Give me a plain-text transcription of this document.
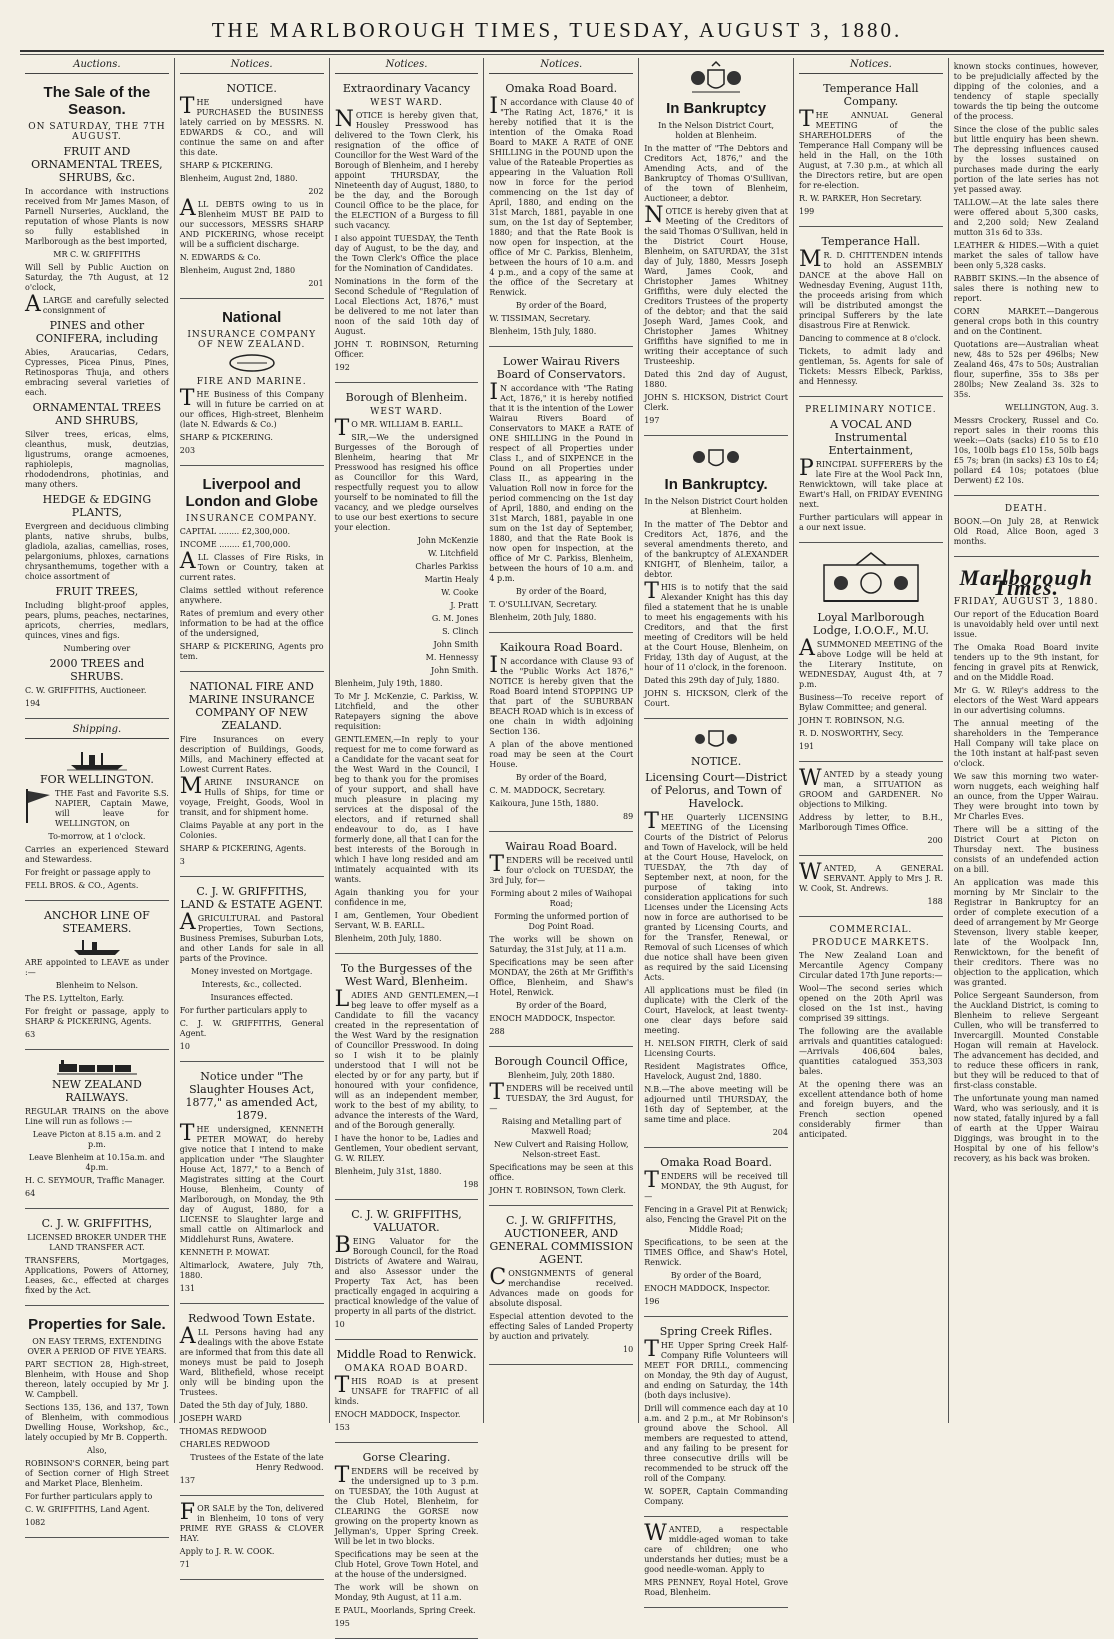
THE MARLBOROUGH TIMES, TUESDAY, AUGUST 3, 1880.
Auctions.
The Sale of the Season.
ON SATURDAY, THE 7TH AUGUST.
FRUIT AND ORNAMENTAL TREES, SHRUBS, &c.

In accordance with instructions received from Mr James Mason, of Parnell Nurseries, Auckland, the reputation of whose Plants is now so fully established in Marlborough as the best imported,

MR C. W. GRIFFITHS

Will Sell by Public Auction on Saturday, the 7th August, at 12 o'clock,

ALARGE and carefully selected consignment of

PINES and other CONIFERA, including

Abies, Araucarias, Cedars, Cypresses, Picea Pinus, Pines, Retinosporas Thuja, and others embracing several varieties of each.

ORNAMENTAL TREES AND SHRUBS,

Silver trees, ericas, elms, cleanthus, musk, deutzias, ligustrums, orange acmoenes, raphiolepis, magnolias, rhododendrons, photinias, and many others.

HEDGE & EDGING PLANTS,

Evergreen and deciduous climbing plants, native shrubs, bulbs, gladiola, azalias, camellias, roses, pelargoniums, phloxes, carnations chrysanthemums, together with a choice assortment of

FRUIT TREES,

Including blight-proof apples, pears, plums, peaches, nectarines, apricots, cherries, medlars, quinces, vines and figs.

Numbering over

2000 TREES and SHRUBS.

C. W. GRIFFITHS, Auctioneer.

194

Shipping.
FOR WELLINGTON.

THE Fast and Favorite S.S. NAPIER, Captain Mawe, will leave for WELLINGTON, on

To-morrow, at 1 o'clock.

Carries an experienced Steward and Stewardess.

For freight or passage apply to

FELL BROS. & CO., Agents.

ANCHOR LINE OF STEAMERS.

ARE appointed to LEAVE as under :—

Blenheim to Nelson.

The P.S. Lyttelton, Early.

For freight or passage, apply to SHARP & PICKERING, Agents.

63

NEW ZEALAND RAILWAYS.

REGULAR TRAINS on the above Line will run as follows :—

Leave Picton at 8.15 a.m. and 2 p.m.

Leave Blenheim at 10.15a.m. and 4p.m.

H. C. SEYMOUR, Traffic Manager.

64

C. J. W. GRIFFITHS,

LICENSED BROKER UNDER THE LAND TRANSFER ACT.

TRANSFERS, Mortgages, Applications, Powers of Attorney, Leases, &c., effected at charges fixed by the Act.

Properties for Sale.

ON EASY TERMS, EXTENDING OVER A PERIOD OF FIVE YEARS.

PART SECTION 28, High-street, Blenheim, with House and Shop thereon, lately occupied by Mr J. W. Campbell.

Sections 135, 136, and 137, Town of Blenheim, with commodious Dwelling House, Workshop, &c., lately occupied by Mr B. Copperth.

Also,

ROBINSON'S CORNER, being part of Section corner of High Street and Market Place, Blenheim.

For further particulars apply to

C. W. GRIFFITHS, Land Agent.

1082

Notices.
NOTICE.

THE undersigned have PURCHASED the BUSINESS lately carried on by MESSRS. N. EDWARDS & CO., and will continue the same on and after this date.

SHARP & PICKERING.

Blenheim, August 2nd, 1880.

202

ALL DEBTS owing to us in Blenheim MUST BE PAID to our successors, MESSRS SHARP AND PICKERING, whose receipt will be a sufficient discharge.

N. EDWARDS & Co.

Blenheim, August 2nd, 1880

201

National
INSURANCE COMPANY OF NEW ZEALAND.
FIRE AND MARINE.

THE Business of this Company will in future be carried on at our offices, High-street, Blenheim (late N. Edwards & Co.)

SHARP & PICKERING.

203

Liverpool and London and Globe
INSURANCE COMPANY.

CAPITAL ........ £2,300,000.

INCOME ........ £1,700,000.

ALL Classes of Fire Risks, in Town or Country, taken at current rates.

Claims settled without reference anywhere.

Rates of premium and every other information to be had at the office of the undersigned,

SHARP & PICKERING, Agents pro tem.

NATIONAL FIRE AND MARINE INSURANCE COMPANY OF NEW ZEALAND.

Fire Insurances on every description of Buildings, Goods, Mills, and Machinery effected at Lowest Current Rates.

MARINE INSURANCE on Hulls of Ships, for time or voyage, Freight, Goods, Wool in transit, and for shipment home.

Claims Payable at any port in the Colonies.

SHARP & PICKERING, Agents.

3

C. J. W. GRIFFITHS, LAND & ESTATE AGENT.

AGRICULTURAL and Pastoral Properties, Town Sections, Business Premises, Suburban Lots, and other Lands for sale in all parts of the Province.

Money invested on Mortgage.

Interests, &c., collected.

Insurances effected.

For further particulars apply to

C. J. W. GRIFFITHS, General Agent.

10

Notice under "The Slaughter Houses Act, 1877," as amended Act, 1879.

THE undersigned, KENNETH PETER MOWAT, do hereby give notice that I intend to make application under "The Slaughter House Act, 1877," to a Bench of Magistrates sitting at the Court House, Blenheim, County of Marlborough, on Monday, the 9th day of August, 1880, for a LICENSE to Slaughter large and small cattle on Altimarlock and Middlehurst Runs, Awatere.

KENNETH P. MOWAT.

Altimarlock, Awatere, July 7th, 1880.

131

Redwood Town Estate.

ALL Persons having had any dealings with the above Estate are informed that from this date all moneys must be paid to Joseph Ward, Blithefield, whose receipt only will be binding upon the Trustees.

Dated the 5th day of July, 1880.

JOSEPH WARD

THOMAS REDWOOD

CHARLES REDWOOD

Trustees of the Estate of the late Henry Redwood.

137

FOR SALE by the Ton, delivered in Blenheim, 10 tons of very PRIME RYE GRASS & CLOVER HAY.

Apply to J. R. W. COOK.

71

Notices.
Extraordinary Vacancy
WEST WARD.

NOTICE is hereby given that, Housley Presswood has delivered to the Town Clerk, his resignation of the office of Councillor for the West Ward of the Borough of Blenheim, and I hereby appoint THURSDAY, the Nineteenth day of August, 1880, to be the day, and the Borough Council Office to be the place, for the ELECTION of a Burgess to fill such vacancy.

I also appoint TUESDAY, the Tenth day of August, to be the day, and the Town Clerk's Office the place for the Nomination of Candidates.

Nominations in the form of the Second Schedule of "Regulation of Local Elections Act, 1876," must be delivered to me not later than noon of the said 10th day of August.

JOHN T. ROBINSON, Returning Officer.

192

Borough of Blenheim.
WEST WARD.

TO MR. WILLIAM B. EARLL.

SIR,—We the undersigned Burgesses of the Borough of Blenheim, hearing that Mr Presswood has resigned his office as Councillor for this Ward, respectfully request you to allow yourself to be nominated to fill the vacancy, and we pledge ourselves to use our best exertions to secure your election.

John McKenzie

W. Litchfield

Charles Parkiss

Martin Healy

W. Cooke

J. Pratt

G. M. Jones

S. Clinch

John Smith

M. Hennessy

John Smith.

Blenheim, July 19th, 1880.

To Mr J. McKenzie, C. Parkiss, W. Litchfield, and the other Ratepayers signing the above requisition:

GENTLEMEN,—In reply to your request for me to come forward as a Candidate for the vacant seat for the West Ward in the Council, I beg to thank you for the promises of your support, and shall have much pleasure in placing my services at the disposal of the electors, and if returned shall endeavour to do, as I have formerly done, all that I can for the best interests of the Borough in which I have long resided and am intimately acquainted with its wants.

Again thanking you for your confidence in me,

I am, Gentlemen, Your Obedient Servant, W. B. EARLL.

Blenheim, 20th July, 1880.

To the Burgesses of the West Ward, Blenheim.

LADIES AND GENTLEMEN,—I beg leave to offer myself as a Candidate to fill the vacancy created in the representation of the West Ward by the resignation of Councillor Presswood. In doing so I wish it to be plainly understood that I will not be elected by or for any party, but if honoured with your confidence, will as an independent member, work to the best of my ability, to advance the interests of the Ward, and of the Borough generally.

I have the honor to be, Ladies and Gentlemen, Your obedient servant, G. W. RILEY.

Blenheim, July 31st, 1880.

198

C. J. W. GRIFFITHS, VALUATOR.

BEING Valuator for the Borough Council, for the Road Districts of Awatere and Wairau, and also Assessor under the Property Tax Act, has been practically engaged in acquiring a practical knowledge of the value of property in all parts of the district.

10

Middle Road to Renwick.
OMAKA ROAD BOARD.

THIS ROAD is at present UNSAFE for TRAFFIC of all kinds.

ENOCH MADDOCK, Inspector.

153

Gorse Clearing.

TENDERS will be received by the undersigned up to 3 p.m. on TUESDAY, the 10th August at the Club Hotel, Blenheim, for CLEARING the GORSE now growing on the property known as Jellyman's, Upper Spring Creek. Will be let in two blocks.

Specifications may be seen at the Club Hotel, Grove Town Hotel, and at the house of the undersigned.

The work will be shown on Monday, 9th August, at 11 a.m.

E PAUL, Moorlands, Spring Creek.

195

Notices.
Omaka Road Board.

IN accordance with Clause 40 of "The Rating Act, 1876," it is hereby notified that it is the intention of the Omaka Road Board to MAKE A RATE of ONE SHILLING in the POUND upon the value of the Rateable Properties as appearing in the Valuation Roll now in force for the period commencing on the 1st day of April, 1880, and ending on the 31st March, 1881, payable in one sum, on the 1st day of September, 1880; and that the Rate Book is now open for inspection, at the office of Mr C. Parkiss, Blenheim, between the hours of 10 a.m. and 4 p.m., and a copy of the same at the office of the Secretary at Renwick.

By order of the Board,

W. TISSIMAN, Secretary.

Blenheim, 15th July, 1880.

Lower Wairau Rivers Board of Conservators.

IN accordance with "The Rating Act, 1876," it is hereby notified that it is the intention of the Lower Wairau Rivers Board of Conservators to MAKE a RATE of ONE SHILLING in the Pound in respect of all Properties under Class I., and of SIXPENCE in the Pound on all Properties under Class II., as appearing in the Valuation Roll now in force for the period commencing on the 1st day of April, 1880, and ending on the 31st March, 1881, payable in one sum on the 1st day of September, 1880, and that the Rate Book is now open for inspection, at the office of Mr C. Parkiss, Blenheim, between the hours of 10 a.m. and 4 p.m.

By order of the Board,

T. O'SULLIVAN, Secretary.

Blenheim, 20th July, 1880.

Kaikoura Road Board.

IN accordance with Clause 93 of the "Public Works Act 1876," NOTICE is hereby given that the Road Board intend STOPPING UP that part of the SUBURBAN BEACH ROAD which is in excess of one chain in width adjoining Section 136.

A plan of the above mentioned road may be seen at the Court House.

By order of the Board,

C. M. MADDOCK, Secretary.

Kaikoura, June 15th, 1880.

89

Wairau Road Board.

TENDERS will be received until four o'clock on TUESDAY, the 3rd July, for—

Forming about 2 miles of Waihopai Road;

Forming the unformed portion of Dog Point Road.

The works will be shown on Saturday, the 31st July, at 11 a.m.

Specifications may be seen after MONDAY, the 26th at Mr Griffith's Office, Blenheim, and Shaw's Hotel, Renwick.

By order of the Board,

ENOCH MADDOCK, Inspector.

288

Borough Council Office,

Blenheim, July, 20th 1880.

TENDERS will be received until TUESDAY, the 3rd August, for—

Raising and Metalling part of Maxwell Road;

New Culvert and Raising Hollow, Nelson-street East.

Specifications may be seen at this office.

JOHN T. ROBINSON, Town Clerk.

C. J. W. GRIFFITHS, AUCTIONEER, AND GENERAL COMMISSION AGENT.

CONSIGNMENTS of general merchandise received. Advances made on goods for absolute disposal.

Especial attention devoted to the effecting Sales of Landed Property by auction and privately.

10

In Bankruptcy

In the Nelson District Court, holden at Blenheim.

In the matter of "The Debtors and Creditors Act, 1876," and the Amending Acts, and of the Bankruptcy of Thomas O'Sullivan, of the town of Blenheim, Auctioneer, a debtor.

NOTICE is hereby given that at Meeting of the Creditors of the said Thomas O'Sullivan, held in the District Court House, Blenheim, on SATURDAY, the 31st day of July, 1880, Messrs Joseph Ward, James Cook, and Christopher James Whitney Griffiths, were duly elected the Creditors Trustees of the property of the debtor; and that the said Joseph Ward, James Cook, and Christopher James Whitney Griffiths have signified to me in writing their acceptance of such Trusteeship.

Dated this 2nd day of August, 1880.

JOHN S. HICKSON, District Court Clerk.

197

In Bankruptcy.

In the Nelson District Court holden at Blenheim.

In the matter of The Debtor and Creditors Act, 1876, and the several amendments thereto, and of the bankruptcy of ALEXANDER KNIGHT, of Blenheim, tailor, a debtor.

THIS is to notify that the said Alexander Knight has this day filed a statement that he is unable to meet his engagements with his Creditors, and that the first meeting of Creditors will be held at the Court House, Blenheim, on Friday, 13th day of August, at the hour of 11 o'clock, in the forenoon.

Dated this 29th day of July, 1880.

JOHN S. HICKSON, Clerk of the Court.

NOTICE.
Licensing Court—District of Pelorus, and Town of Havelock.

THE Quarterly LICENSING MEETING of the Licensing Courts of the District of Pelorus and Town of Havelock, will be held at the Court House, Havelock, on TUESDAY, the 7th day of September next, at noon, for the purpose of taking into consideration applications for such Licenses under the Licensing Acts now in force are authorised to be granted by Licensing Courts, and for the Transfer, Renewal, or Removal of such Licenses of which due notice shall have been given as required by the said Licensing Acts.

All applications must be filed (in duplicate) with the Clerk of the Court, Havelock, at least twenty-one clear days before said meeting.

H. NELSON FIRTH, Clerk of said Licensing Courts.

Resident Magistrates Office, Havelock, August 2nd, 1880.

N.B.—The above meeting will be adjourned until THURSDAY, the 16th day of September, at the same time and place.

204

Omaka Road Board.

TENDERS will be received till MONDAY, the 9th August, for—

Fencing in a Gravel Pit at Renwick; also, Fencing the Gravel Pit on the Middle Road;

Specifications, to be seen at the TIMES Office, and Shaw's Hotel, Renwick.

By order of the Board,

ENOCH MADDOCK, Inspector.

196

Spring Creek Rifles.

THE Upper Spring Creek Half-Company Rifle Volunteers will MEET FOR DRILL, commencing on Monday, the 9th day of August, and ending on Saturday, the 14th (both days inclusive).

Drill will commence each day at 10 a.m. and 2 p.m., at Mr Robinson's ground above the School. All members are requested to attend, and any failing to be present for three consecutive drills will be recommended to be struck off the roll of the Company.

W. SOPER, Captain Commanding Company.

WANTED, a respectable middle-aged woman to take care of children; one who understands her duties; must be a good needle-woman. Apply to

MRS PENNEY, Royal Hotel, Grove Road, Blenheim.

Notices.
Temperance Hall Company.

THE ANNUAL General MEETING of the SHAREHOLDERS of the Temperance Hall Company will be held in the Hall, on the 10th August, at 7.30 p.m., at which all the Directors retire, but are open for re-election.

R. W. PARKER, Hon Secretary.

199

Temperance Hall.

MR. D. CHITTENDEN intends to hold an ASSEMBLY DANCE at the above Hall on Wednesday Evening, August 11th, the proceeds arising from which will be distributed amongst the principal Sufferers by the late disastrous Fire at Renwick.

Dancing to commence at 8 o'clock.

Tickets, to admit lady and gentleman, 5s. Agents for sale of Tickets: Messrs Elbeck, Parkiss, and Hennessy.

PRELIMINARY NOTICE.
A VOCAL AND Instrumental Entertainment,

PRINCIPAL SUFFERERS by the late Fire at the Wool Pack Inn, Renwicktown, will take place at Ewart's Hall, on FRIDAY EVENING next.

Further particulars will appear in a our next issue.

Loyal Marlborough Lodge, I.O.O.F., M.U.

ASUMMONED MEETING of the above Lodge will be held at the Literary Institute, on WEDNESDAY, August 4th, at 7 p.m.

Business—To receive report of Bylaw Committee; and general.

JOHN T. ROBINSON, N.G.

R. D. NOSWORTHY, Secy.

191

WANTED by a steady young man, a SITUATION as GROOM and GARDENER. No objections to Milking.

Address by letter, to B.H., Marlborough Times Office.

200

WANTED, A GENERAL SERVANT. Apply to Mrs J. R. W. Cook, St. Andrews.

188

COMMERCIAL.
PRODUCE MARKETS.

The New Zealand Loan and Mercantile Agency Company Circular dated 17th June reports:—

Wool—The second series which opened on the 20th April was closed on the 1st inst., having comprised 39 sittings.

The following are the available arrivals and quantities catalogued:—Arrivals 406,604 bales, quantities catalogued 353,303 bales.

At the opening there was an excellent attendance both of home and foreign buyers, and the French section opened considerably firmer than anticipated.

known stocks continues, however, to be prejudicially affected by the dipping of the colonies, and a tendency of staple specially towards the tip being the outcome of the process.

Since the close of the public sales but little enquiry has been shewn. The depressing influences caused by the losses sustained on purchases made during the early portion of the late series has not yet passed away.

TALLOW.—At the late sales there were offered about 5,300 casks, and 2,200 sold; New Zealand mutton 31s 6d to 33s.

LEATHER & HIDES.—With a quiet market the sales of tallow have been only 5,328 casks.

RABBIT SKINS.—In the absence of sales there is nothing new to report.

CORN MARKET.—Dangerous general crops both in this country and on the Continent.

Quotations are—Australian wheat new, 48s to 52s per 496lbs; New Zealand 46s, 47s to 50s; Australian flour, superfine, 35s to 38s per 280lbs; New Zealand 3s. 32s to 35s.

WELLINGTON, Aug. 3.

Messrs Crockery, Russel and Co. report sales in their rooms this week:—Oats (sacks) £10 5s to £10 10s, 100lb bags £10 15s, 50lb bags £5 7s; bran (in sacks) £3 10s to £4; pollard £4 10s; potatoes (blue Derwent) £2 10s.

DEATH.

BOON.—On July 28, at Renwick Old Road, Alice Boon, aged 3 months.

Marlborough Times.
FRIDAY, AUGUST 3, 1880.

Our report of the Education Board is unavoidably held over until next issue.

The Omaka Road Board invite tenders up to the 9th instant, for fencing in gravel pits at Renwick, and on the Middle Road.

Mr G. W. Riley's address to the electors of the West Ward appears in our advertising columns.

The annual meeting of the shareholders in the Temperance Hall Company will take place on the 10th instant at half-past seven o'clock.

We saw this morning two water-worn nuggets, each weighing half an ounce, from the Upper Wairau. They were brought into town by Mr Charles Eves.

There will be a sitting of the District Court at Picton on Thursday next. The business consists of an undefended action on a bill.

An application was made this morning by Mr Sinclair to the Registrar in Bankruptcy for an order of complete execution of a deed of arrangement by Mr George Stevenson, livery stable keeper, late of the Woolpack Inn, Renwicktown, for the benefit of their creditors. There was no objection to the application, which was granted.

Police Sergeant Saunderson, from the Auckland District, is coming to Blenheim to relieve Sergeant Cullen, who will be transferred to Invercargill. Mounted Constable Hogan will remain at Havelock. The advancement has decided, and to reduce these officers in rank, but they will be reduced to that of first-class constable.

The unfortunate young man named Ward, who was seriously, and it is now stated, fatally injured by a fall of earth at the Upper Wairau Diggings, was brought in to the Hospital by one of his fellow's recovery, as his back was broken.
